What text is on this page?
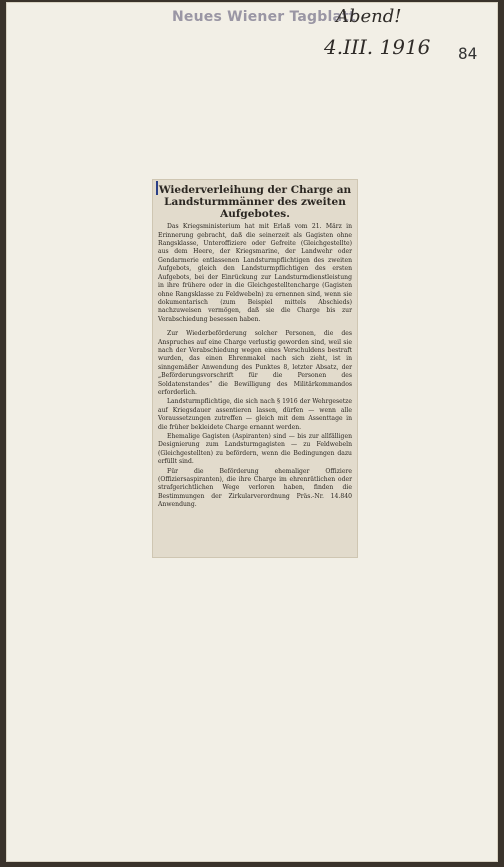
Neues Wiener Tagblatt
Abend!
4.III. 1916 84
Wiederverleihung der Charge an Landsturmmänner des zweiten Aufgebotes.

Das Kriegsministerium hat mit Erlaß vom 21. März in Erinnerung gebracht, daß die seinerzeit als Gagisten ohne Rangsklasse, Unteroffiziere oder Gefreite (Gleichgestellte) aus dem Heere, der Kriegsmarine, der Landwehr oder Gendarmerie entlassenen Landsturmpflichtigen des zweiten Aufgebots, gleich den Landsturmpflichtigen des ersten Aufgebots, bei der Einrückung zur Landsturmdienstleistung in ihre frühere oder in die Gleichgestelltencharge (Gagisten ohne Rangsklasse zu Feldwebeln) zu ernennen sind, wenn sie dokumentarisch (zum Beispiel mittels Abschieds) nachzuweisen vermögen, daß sie die Charge bis zur Verabschiedung besessen haben.

Zur Wiederbeförderung solcher Personen, die des Anspruches auf eine Charge verlustig geworden sind, weil sie nach der Verabschiedung wegen eines Verschuldens bestraft wurden, das einen Ehrenmakel nach sich zieht, ist in sinngemäßer Anwendung des Punktes 8, letzter Absatz, der „Beförderungsvorschrift für die Personen des Soldatenstandes“ die Bewilligung des Militärkommandos erforderlich.

Landsturmpflichtige, die sich nach § 1916 der Wehrgesetze auf Kriegsdauer assentieren lassen, dürfen — wenn alle Voraussetzungen zutreffen — gleich mit dem Assenttage in die früher bekleidete Charge ernannt werden.

Ehemalige Gagisten (Aspiranten) sind — bis zur allfälligen Designierung zum Landsturmgagisten — zu Feldwebeln (Gleichgestellten) zu befördern, wenn die Bedingungen dazu erfüllt sind.

Für die Beförderung ehemaliger Offiziere (Offiziersaspiranten), die ihre Charge im ehrenrätlichen oder strafgerichtlichen Wege verloren haben, finden die Bestimmungen der Zirkularverordnung Präs.-Nr. 14.840 Anwendung.
